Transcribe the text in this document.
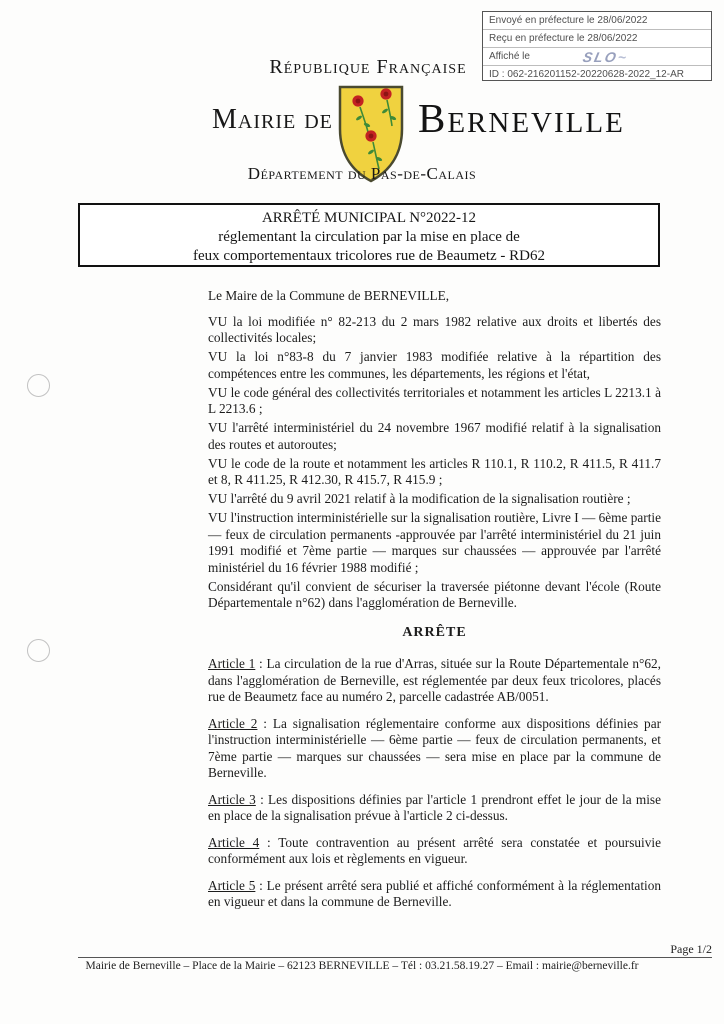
Envoyé en préfecture le 28/06/2022
Reçu en préfecture le 28/06/2022
Affiché le	SLO~
ID : 062-216201152-20220628-2022_12-AR
République Française
Mairie de Berneville
Département du Pas-de-Calais
ARRÊTÉ MUNICIPAL N°2022-12
réglementant la circulation par la mise en place de
feux comportementaux tricolores rue de Beaumetz - RD62

Le Maire de la Commune de BERNEVILLE,

VU la loi modifiée n° 82-213 du 2 mars 1982 relative aux droits et libertés des collectivités locales;

VU la loi n°83-8 du 7 janvier 1983 modifiée relative à la répartition des compétences entre les communes, les départements, les régions et l'état,

VU le code général des collectivités territoriales et notamment les articles L 2213.1 à L 2213.6 ;

VU l'arrêté interministériel du 24 novembre 1967 modifié relatif à la signalisation des routes et autoroutes;

VU le code de la route et notamment les articles R 110.1, R 110.2, R 411.5, R 411.7 et 8, R 411.25, R 412.30, R 415.7, R 415.9 ;

VU l'arrêté du 9 avril 2021 relatif à la modification de la signalisation routière ;

VU l'instruction interministérielle sur la signalisation routière, Livre I — 6ème partie — feux de circulation permanents -approuvée par l'arrêté interministériel du 21 juin 1991 modifié et 7ème partie — marques sur chaussées — approuvée par l'arrêté ministériel du 16 février 1988 modifié ;

Considérant qu'il convient de sécuriser la traversée piétonne devant l'école (Route Départementale n°62) dans l'agglomération de Berneville.

ARRÊTE

Article 1 : La circulation de la rue d'Arras, située sur la Route Départementale n°62, dans l'agglomération de Berneville, est réglementée par deux feux tricolores, placés rue de Beaumetz face au numéro 2, parcelle cadastrée AB/0051.

Article 2 : La signalisation réglementaire conforme aux dispositions définies par l'instruction interministérielle — 6ème partie — feux de circulation permanents, et 7ème partie — marques sur chaussées — sera mise en place par la commune de Berneville.

Article 3 : Les dispositions définies par l'article 1 prendront effet le jour de la mise en place de la signalisation prévue à l'article 2 ci-dessus.

Article 4 : Toute contravention au présent arrêté sera constatée et poursuivie conformément aux lois et règlements en vigueur.

Article 5 : Le présent arrêté sera publié et affiché conformément à la réglementation en vigueur et dans la commune de Berneville.

Page 1/2
Mairie de Berneville – Place de la Mairie – 62123 BERNEVILLE – Tél : 03.21.58.19.27 – Email : mairie@berneville.fr
